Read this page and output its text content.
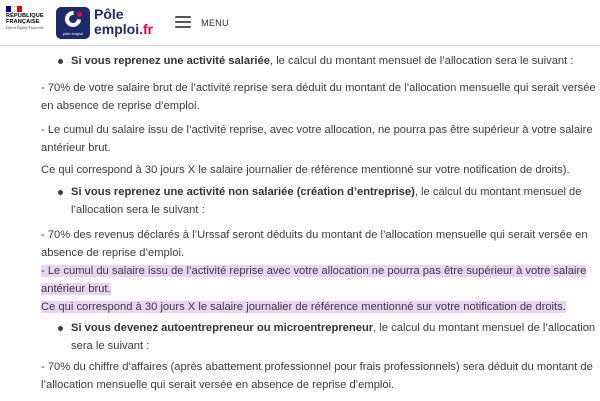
RÉPUBLIQUE FRANÇAISE
Liberté Égalité Fraternité
pôle emploi
Pôle
emploi.fr	MENU
Si vous reprenez une activité salariée, le calcul du montant mensuel de l’allocation sera le suivant :
- 70% de votre salaire brut de l’activité reprise sera déduit du montant de l’allocation mensuelle qui serait versée en absence de reprise d’emploi.
- Le cumul du salaire issu de l’activité reprise, avec votre allocation, ne pourra pas être supérieur à votre salaire antérieur brut.
Ce qui correspond à 30 jours X le salaire journalier de référence mentionné sur votre notification de droits).
Si vous reprenez une activité non salariée (création d’entreprise), le calcul du montant mensuel de l’allocation sera le suivant :
- 70% des revenus déclarés à l’Urssaf seront déduits du montant de l’allocation mensuelle qui serait versée en absence de reprise d’emploi.
- Le cumul du salaire issu de l’activité reprise avec votre allocation ne pourra pas être supérieur à votre salaire antérieur brut.
Ce qui correspond à 30 jours X le salaire journalier de référence mentionné sur votre notification de droits.
Si vous devenez autoentrepreneur ou microentrepreneur, le calcul du montant mensuel de l’allocation sera le suivant :
- 70% du chiffre d’affaires (après abattement professionnel pour frais professionnels) sera déduit du montant de l’allocation mensuelle qui serait versée en absence de reprise d’emploi.
